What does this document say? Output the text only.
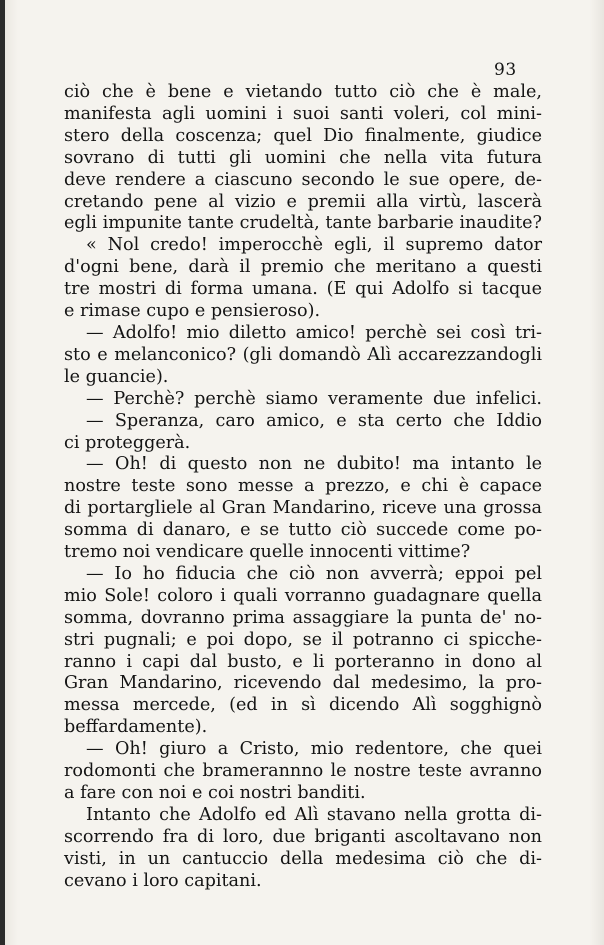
93
ciò che è bene e vietando tutto ciò che è male,
manifesta agli uomini i suoi santi voleri, col mini-
stero della coscenza; quel Dio finalmente, giudice
sovrano di tutti gli uomini che nella vita futura
deve rendere a ciascuno secondo le sue opere, de-
cretando pene al vizio e premii alla virtù, lascerà
egli impunite tante crudeltà, tante barbarie inaudite?
« Nol credo! imperocchè egli, il supremo dator
d'ogni bene, darà il premio che meritano a questi
tre mostri di forma umana. (E qui Adolfo si tacque
e rimase cupo e pensieroso).
— Adolfo! mio diletto amico! perchè sei così tri-
sto e melanconico? (gli domandò Alì accarezzandogli
le guancie).
— Perchè? perchè siamo veramente due infelici.
— Speranza, caro amico, e sta certo che Iddio
ci proteggerà.
— Oh! di questo non ne dubito! ma intanto le
nostre teste sono messe a prezzo, e chi è capace
di portargliele al Gran Mandarino, riceve una grossa
somma di danaro, e se tutto ciò succede come po-
tremo noi vendicare quelle innocenti vittime?
— Io ho fiducia che ciò non avverrà; eppoi pel
mio Sole! coloro i quali vorranno guadagnare quella
somma, dovranno prima assaggiare la punta de' no-
stri pugnali; e poi dopo, se il potranno ci spicche-
ranno i capi dal busto, e li porteranno in dono al
Gran Mandarino, ricevendo dal medesimo, la pro-
messa mercede, (ed in sì dicendo Alì sogghignò
beffardamente).
— Oh! giuro a Cristo, mio redentore, che quei
rodomonti che bramerannno le nostre teste avranno
a fare con noi e coi nostri banditi.
Intanto che Adolfo ed Alì stavano nella grotta di-
scorrendo fra di loro, due briganti ascoltavano non
visti, in un cantuccio della medesima ciò che di-
cevano i loro capitani.
